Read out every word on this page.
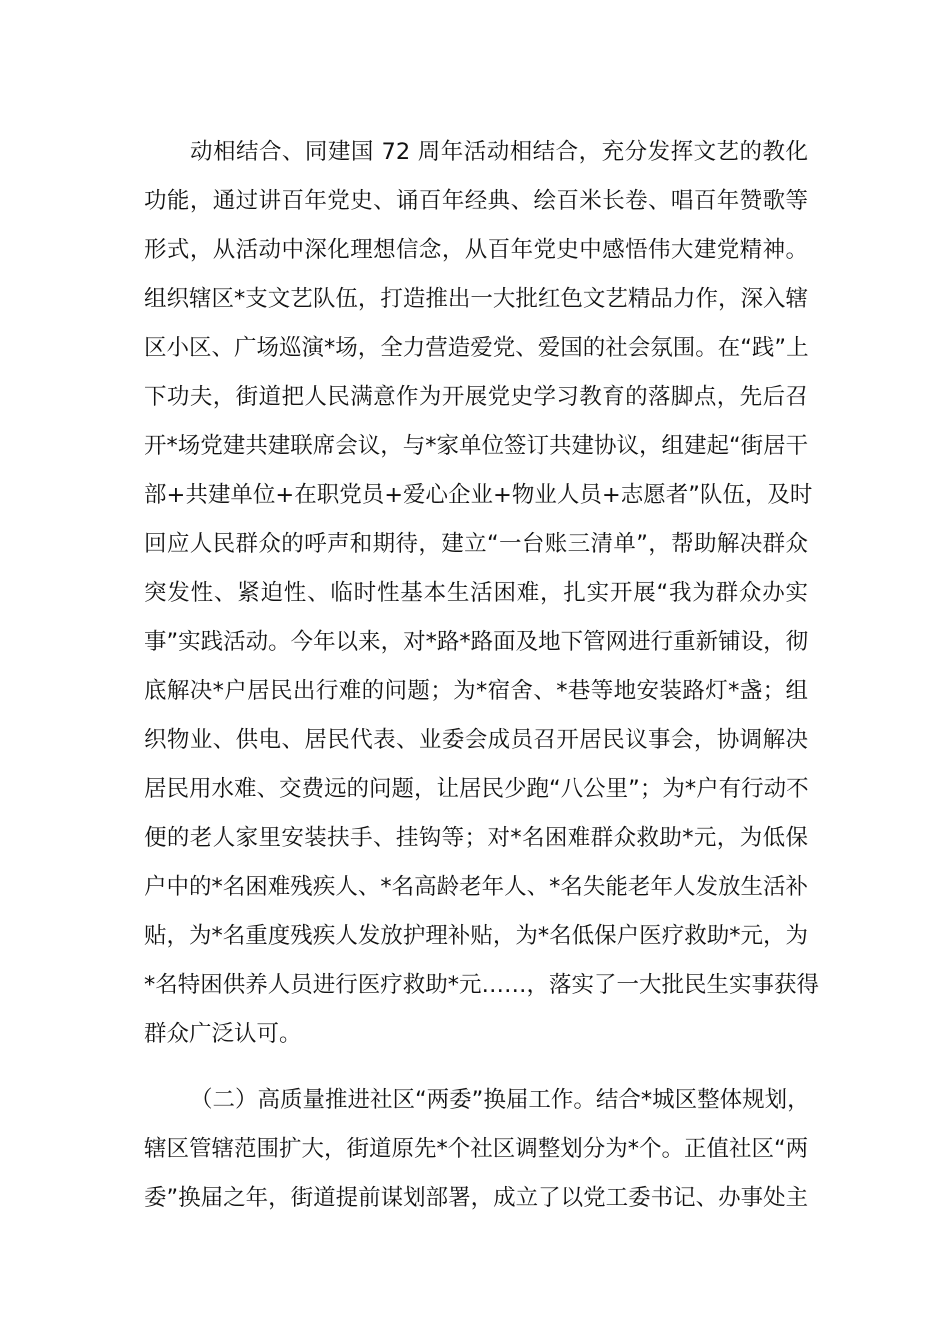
动相结合、同建国 72 周年活动相结合，充分发挥文艺的教化
功能，通过讲百年党史、诵百年经典、绘百米长卷、唱百年赞歌等
形式，从活动中深化理想信念，从百年党史中感悟伟大建党精神。
组织辖区*支文艺队伍，打造推出一大批红色文艺精品力作，深入辖
区小区、广场巡演*场，全力营造爱党、爱国的社会氛围。在“践”上
下功夫，街道把人民满意作为开展党史学习教育的落脚点，先后召
开*场党建共建联席会议，与*家单位签订共建协议，组建起“街居干
部+共建单位+在职党员+爱心企业+物业人员+志愿者”队伍，及时
回应人民群众的呼声和期待，建立“一台账三清单”，帮助解决群众
突发性、紧迫性、临时性基本生活困难，扎实开展“我为群众办实
事”实践活动。今年以来，对*路*路面及地下管网进行重新铺设，彻
底解决*户居民出行难的问题；为*宿舍、*巷等地安装路灯*盏；组
织物业、供电、居民代表、业委会成员召开居民议事会，协调解决
居民用水难、交费远的问题，让居民少跑“八公里”；为*户有行动不
便的老人家里安装扶手、挂钩等；对*名困难群众救助*元，为低保
户中的*名困难残疾人、*名高龄老年人、*名失能老年人发放生活补
贴，为*名重度残疾人发放护理补贴，为*名低保户医疗救助*元，为
*名特困供养人员进行医疗救助*元……，落实了一大批民生实事获得
群众广泛认可。
（二）高质量推进社区“两委”换届工作。结合*城区整体规划，
辖区管辖范围扩大，街道原先*个社区调整划分为*个。正值社区“两
委”换届之年，街道提前谋划部署，成立了以党工委书记、办事处主
